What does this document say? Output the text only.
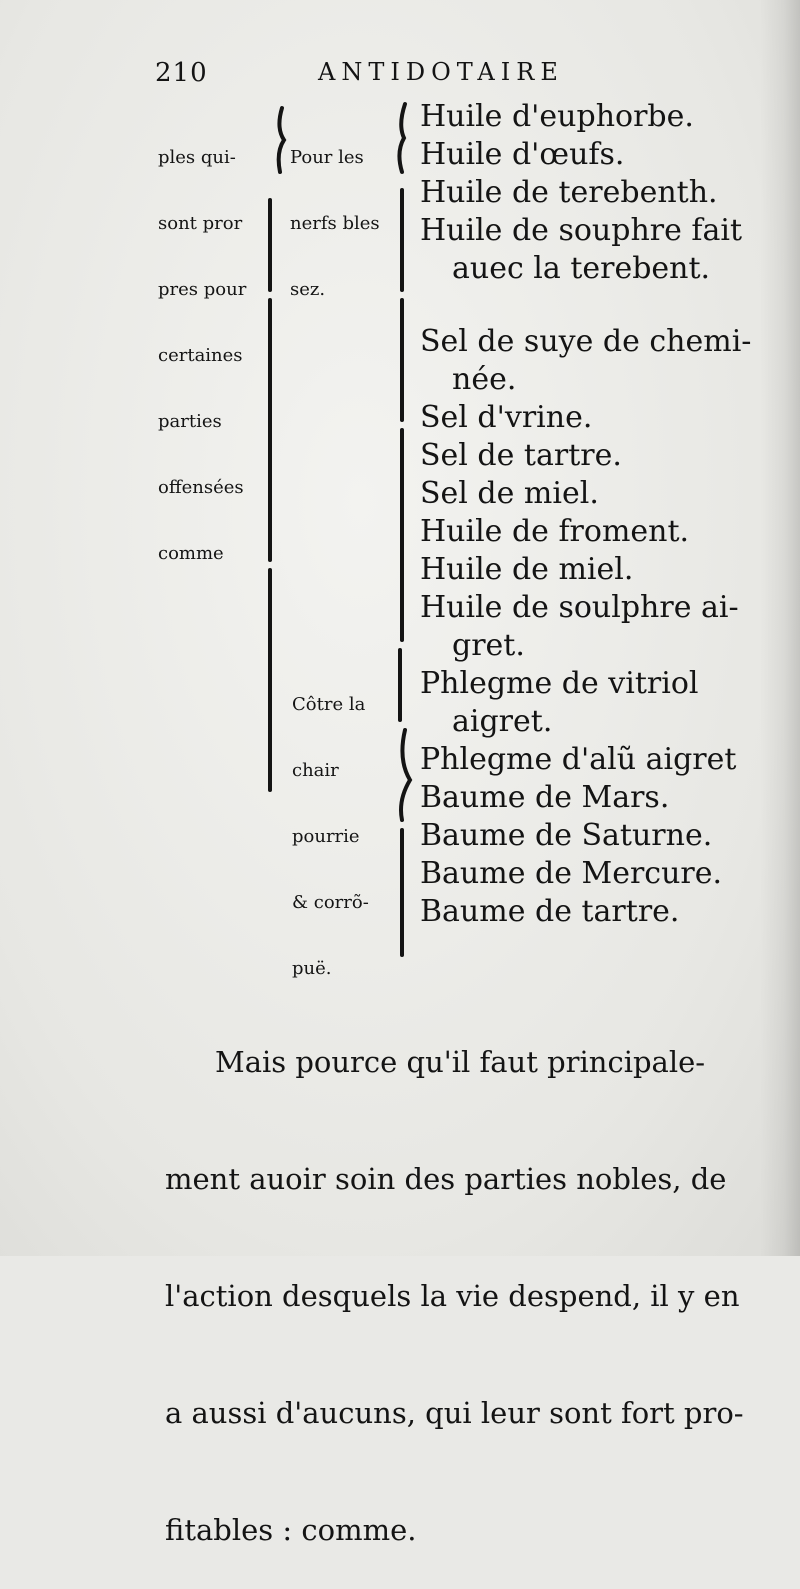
210	ANTIDOTAIRE

ples qui-

sont pror

pres pour

certaines

parties

offensées

comme

Pour les

nerfs bles

sez.

Côtre la

chair

pourrie

& corrõ-

puë.

Huile d'euphorbe.
Huile d'œufs.
Huile de terebenth.
Huile de souphre fait
auec la terebent.
Sel de suye de chemi-
née.
Sel d'vrine.
Sel de tartre.
Sel de miel.
Huile de froment.
Huile de miel.
Huile de soulphre ai-
gret.
Phlegme de vitriol
aigret.
Phlegme d'alũ aigret
Baume de Mars.
Baume de Saturne.
Baume de Mercure.
Baume de tartre.

Mais pource qu'il faut principale-

ment auoir soin des parties nobles, de

l'action desquels la vie despend, il y en

a aussi d'aucuns, qui leur sont fort pro-

fitables : comme.
